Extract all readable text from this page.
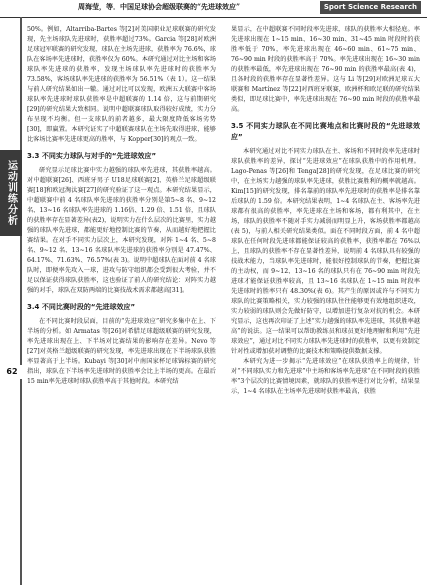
周海莹，等．中国足球协会超级联赛的“先进球效应”	Sport Science Research
运动训练分析
62

50%。例如，Altarriba-Bartes 等[2]对美国职业足球联赛的研究发现，先主场球队先进球时，获胜率超过73%。Garcia 等[28]对欧洲足球冠军联赛的研究发现，球队在主场先进球，获胜率为 76.6%，球队在客场率先进球时，获胜率仅为 60%。本研究通过对比主场和客场球队率先进球的获胜率，发现主场球队率先进球时的获胜率为 73.58%，客场球队率先进球的获胜率为 56.51%（表 1）。这一结果与前人研究结果如出一辙。通过对比可以发现，欧洲五大联赛中客场球队率先进球时球队获胜率是中超联赛的 1.14 倍，这与前期研究[29]的研究结果大致相同。说明中超联赛球队取得较好成绩，实力分布呈现不均衡。但一支球队的前者越多，最大限度降低客场劣势[30]，即赢置。本研究证实了中超联赛球队在主场先取得进球，能够比客场比赛率先进球更高的胜率，与 Kopper[30]的观点一致。

3.3 不同实力球队与对手的“先进球效应”

研究显示足球比赛中实力越强的球队率先进球，其获胜率越高。对中超联赛[26]、西班牙男子 U18足球联赛[2]、英格兰足球超级联赛[18]和欧冠淘汰赛[27]的研究验证了这一观点。本研究结果显示，中超联赛中前 4 名球队率先进球的获胜率分别是第5~8 名、9~12 名、13~16 名球队率先进球的 1.16倍、1.29 倍、1.51 倍，且球队的获胜率存在显著差异(表2)，说明实力在什么层次的比赛里，实力越强的球队率先进球，都能更好地控制比赛的节奏，从而越好地把握比赛结果。在对手不同实力层次上，本研究发现，对阵 1~4 名、5~8 名、9~12 名、13~16 名球队率先进球的获胜率分别是 47.47%、64.17%、71.63%、76.57%(表 3)。说明中超球队在面对前 4 名球队时，即便率先攻入一球，进攻与防守组织都会受到很大考验，并不足以保证获得球队获胜率，这也验证了前人的研究结论：对阵实力越强的对手，球队在双防两端的比赛技战术需求都越高[31]。

3.4 不同比赛时段的“先进球效应”

在不同比赛时段层面，目前的“先进球效应”研究多集中在上、下半场的分析。如 Armatas 等[26]对希腊足球超级联赛的研究发现，率先进球出现在上、下半场对比赛结果的影响存在差异。Nevo 等[27]对英格兰超级联赛的研究发现，率先进球出现在下半场球队获胜率显著高于上半场。Kubayi 等[30]对中南国家杯足球锦标赛的研究指出，球队在下半场率先进球时的获胜率会比上半场的更高。在最后 15 min率先进球时球队获胜率高于其他时段。本研究结

果显示，在中超联赛不同时段率先进球，球队的获胜率大相径庭。率先进球出现在 1~15 min、16~30 min、31~45 min 时段时的获胜率低于 70%，率先进球出现在 46~60 min、61~75 min、76~90 min 时段的获胜率高于 70%。率先进球出现在 16~30 min 的获胜率最低，率先进球出现在 76~90 min 的获胜率最高(表 4)，且各时段的获胜率存在显著性差异。这与 Li 等[29]对欧洲足球五大联赛和 Martínez 等[22]对西班牙联赛，欧洲杯和欧足联的研究结果类似，即足球比赛中，率先进球出现在 76~90 min 时段的获胜率最高。

3.5 不同实力球队在不同比赛地点和比赛时段的“先进球效应”

本研究通过对比不同实力球队在主、客场和不同时段率先进球时球队获胜率的差异，探讨“先进球效应”在球队获胜中的作用机理。Lago-Penas 等[26]和 Tenga[28]的研究发现，在足球比赛的研究中，在主场实力越强的球队率先进球，获胜比赛胜利的概率就越高。Kim[15]的研究发现，排名靠前的球队率先进球时的获胜率是排名靠后球队的 1.59 倍。本研究结果表明，1~4 名球队在主、客场率先进球都有很高的获胜率，率先进球在主场和客场，都有利其中，在主场，球队的获胜率不随对手实力减弱而明显上升，客场获胜率都越高(表 5)，与前人相关研究结果类似。面在不同时段方面，前 4 名中超球队在任何时段先进球都能保证较高的获胜率，获胜率都在 76%以上，且球队的获胜率不存在显著性差异，说明前 4 名球队具有较强的技战术能力，当球队率先进球时，能很好控制球队的节奏，把握比赛的主动权，而 9~12、13~16 名的球队只有在 76~90 min 时段先进球才能保证获胜率较高，且 13~16 名球队在 1~15 min 时段率先进球时的胜率只有 48.30%(表 6)。其产生的原因或许与不同实力球队的比赛策略相关，实力较强的球队往往能够更有效地组织进攻，实力较弱的球队则会先做好防守，以增加进行复杂对抗的机会。本研究显示，这也再次印证了上述“实力越强的球队率先进球，其获胜率越高”的说法。这一结果可以帮助教练员和球员更好地理解和利用“先进球效应”，通过对比不同实力球队率先进球时的获胜率，以更有效制定针对性或增加获对调整的比赛技术和策略提供数据支撑。

本研究为进一步揭示“先进球效应”在球队获胜率上的规律，针对“不同球队实力和先进球”中主场和客场率先进球“在不同时段的获胜率”3个层次的比赛情境因素，就球队的获胜率进行对比分析，结果显示，1~4 名球队在主场率先进球时获胜率最高，获胜
